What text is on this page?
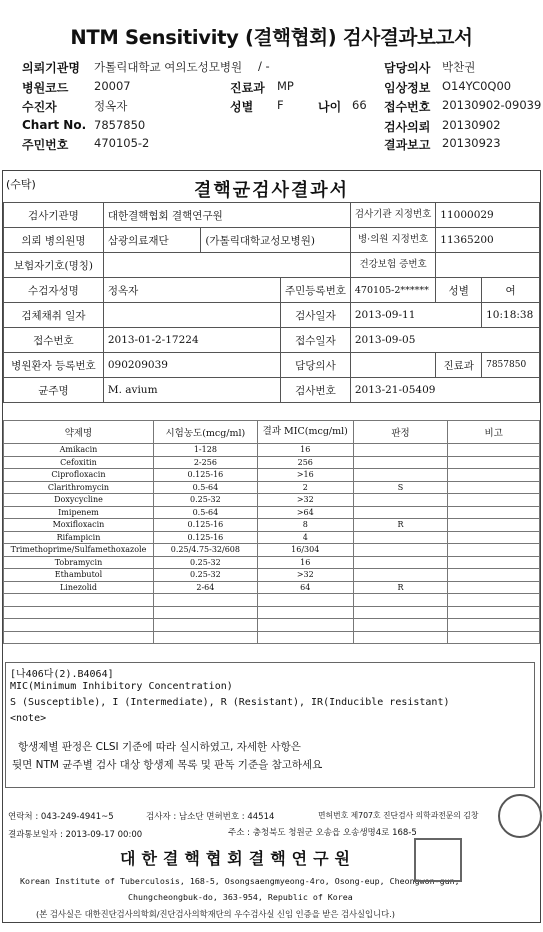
NTM Sensitivity (결핵협회) 검사결과보고서
의뢰기관명 가톨릭대학교 여의도성모병원 / -
병원코드 20007	진료과 MP
수진자	정옥자	성별 F	나이 66
Chart No. 7857850
주민번호 470105-2
담당의사 박찬권
임상정보 O14YC0Q00
접수번호 20130902-09039
검사의뢰 20130902
결과보고 20130923
(수탁)	결핵균검사결과서
검사기관명	대한결핵협회 결핵연구원			검사기관 지정번호	11000029	
의뢰 병의원명	삼광의료재단	(가톨릭대학교성모병원)		병·의원 지정번호	11365200	
보험자기호(명칭)				건강보험 증번호		
수검자성명	정옥자		주민등록번호	470105-2******	성별	여
검체채취 일자			검사일자	2013-09-11		10:18:38
접수번호	2013-01-2-17224		접수일자	2013-09-05		
병원환자 등록번호	090209039		담당의사		진료과	7857850
균주명	M. avium		검사번호	2013-21-05409		
약제명	시험농도(mcg/ml)	결과 MIC(mcg/ml)	판정	비고
Amikacin	1-128	16		
Cefoxitin	2-256	256		
Ciprofloxacin	0.125-16	>16		
Clarithromycin	0.5-64	2	S	
Doxycycline	0.25-32	>32		
Imipenem	0.5-64	>64		
Moxifloxacin	0.125-16	8	R	
Rifampicin	0.125-16	4		
Trimethoprime/Sulfamethoxazole	0.25/4.75-32/608	16/304		
Tobramycin	0.25-32	16		
Ethambutol	0.25-32	>32		
Linezolid	2-64	64	R	

[나406다(2).B4064]
MIC(Minimum Inhibitory Concentration)
S (Susceptible), I (Intermediate), R (Resistant), IR(Inducible resistant)
<note>
항생제별 판정은 CLSI 기준에 따라 실시하였고, 자세한 사항은
뒷면 NTM 균주별 검사 대상 항생제 목록 및 판독 기준을 참고하세요
연락처 : 043-249-4941~5	검사자 : 남소단 면허번호 : 44514	면허번호 제707호 진단검사 의학과전문의 김창
결과통보일자 : 2013-09-17 00:00	주소 : 충청북도 청원군 오송읍 오송생명4로 168-5
대한결핵협회결핵연구원
Korean Institute of Tuberculosis, 168-5, Osongsaengmyeong-4ro, Osong-eup, Cheongwon-gun,
Chungcheongbuk-do, 363-954, Republic of Korea
(본 검사실은 대한진단검사의학회/진단검사의학재단의 우수검사실 신임 인증을 받은 검사실입니다.)
